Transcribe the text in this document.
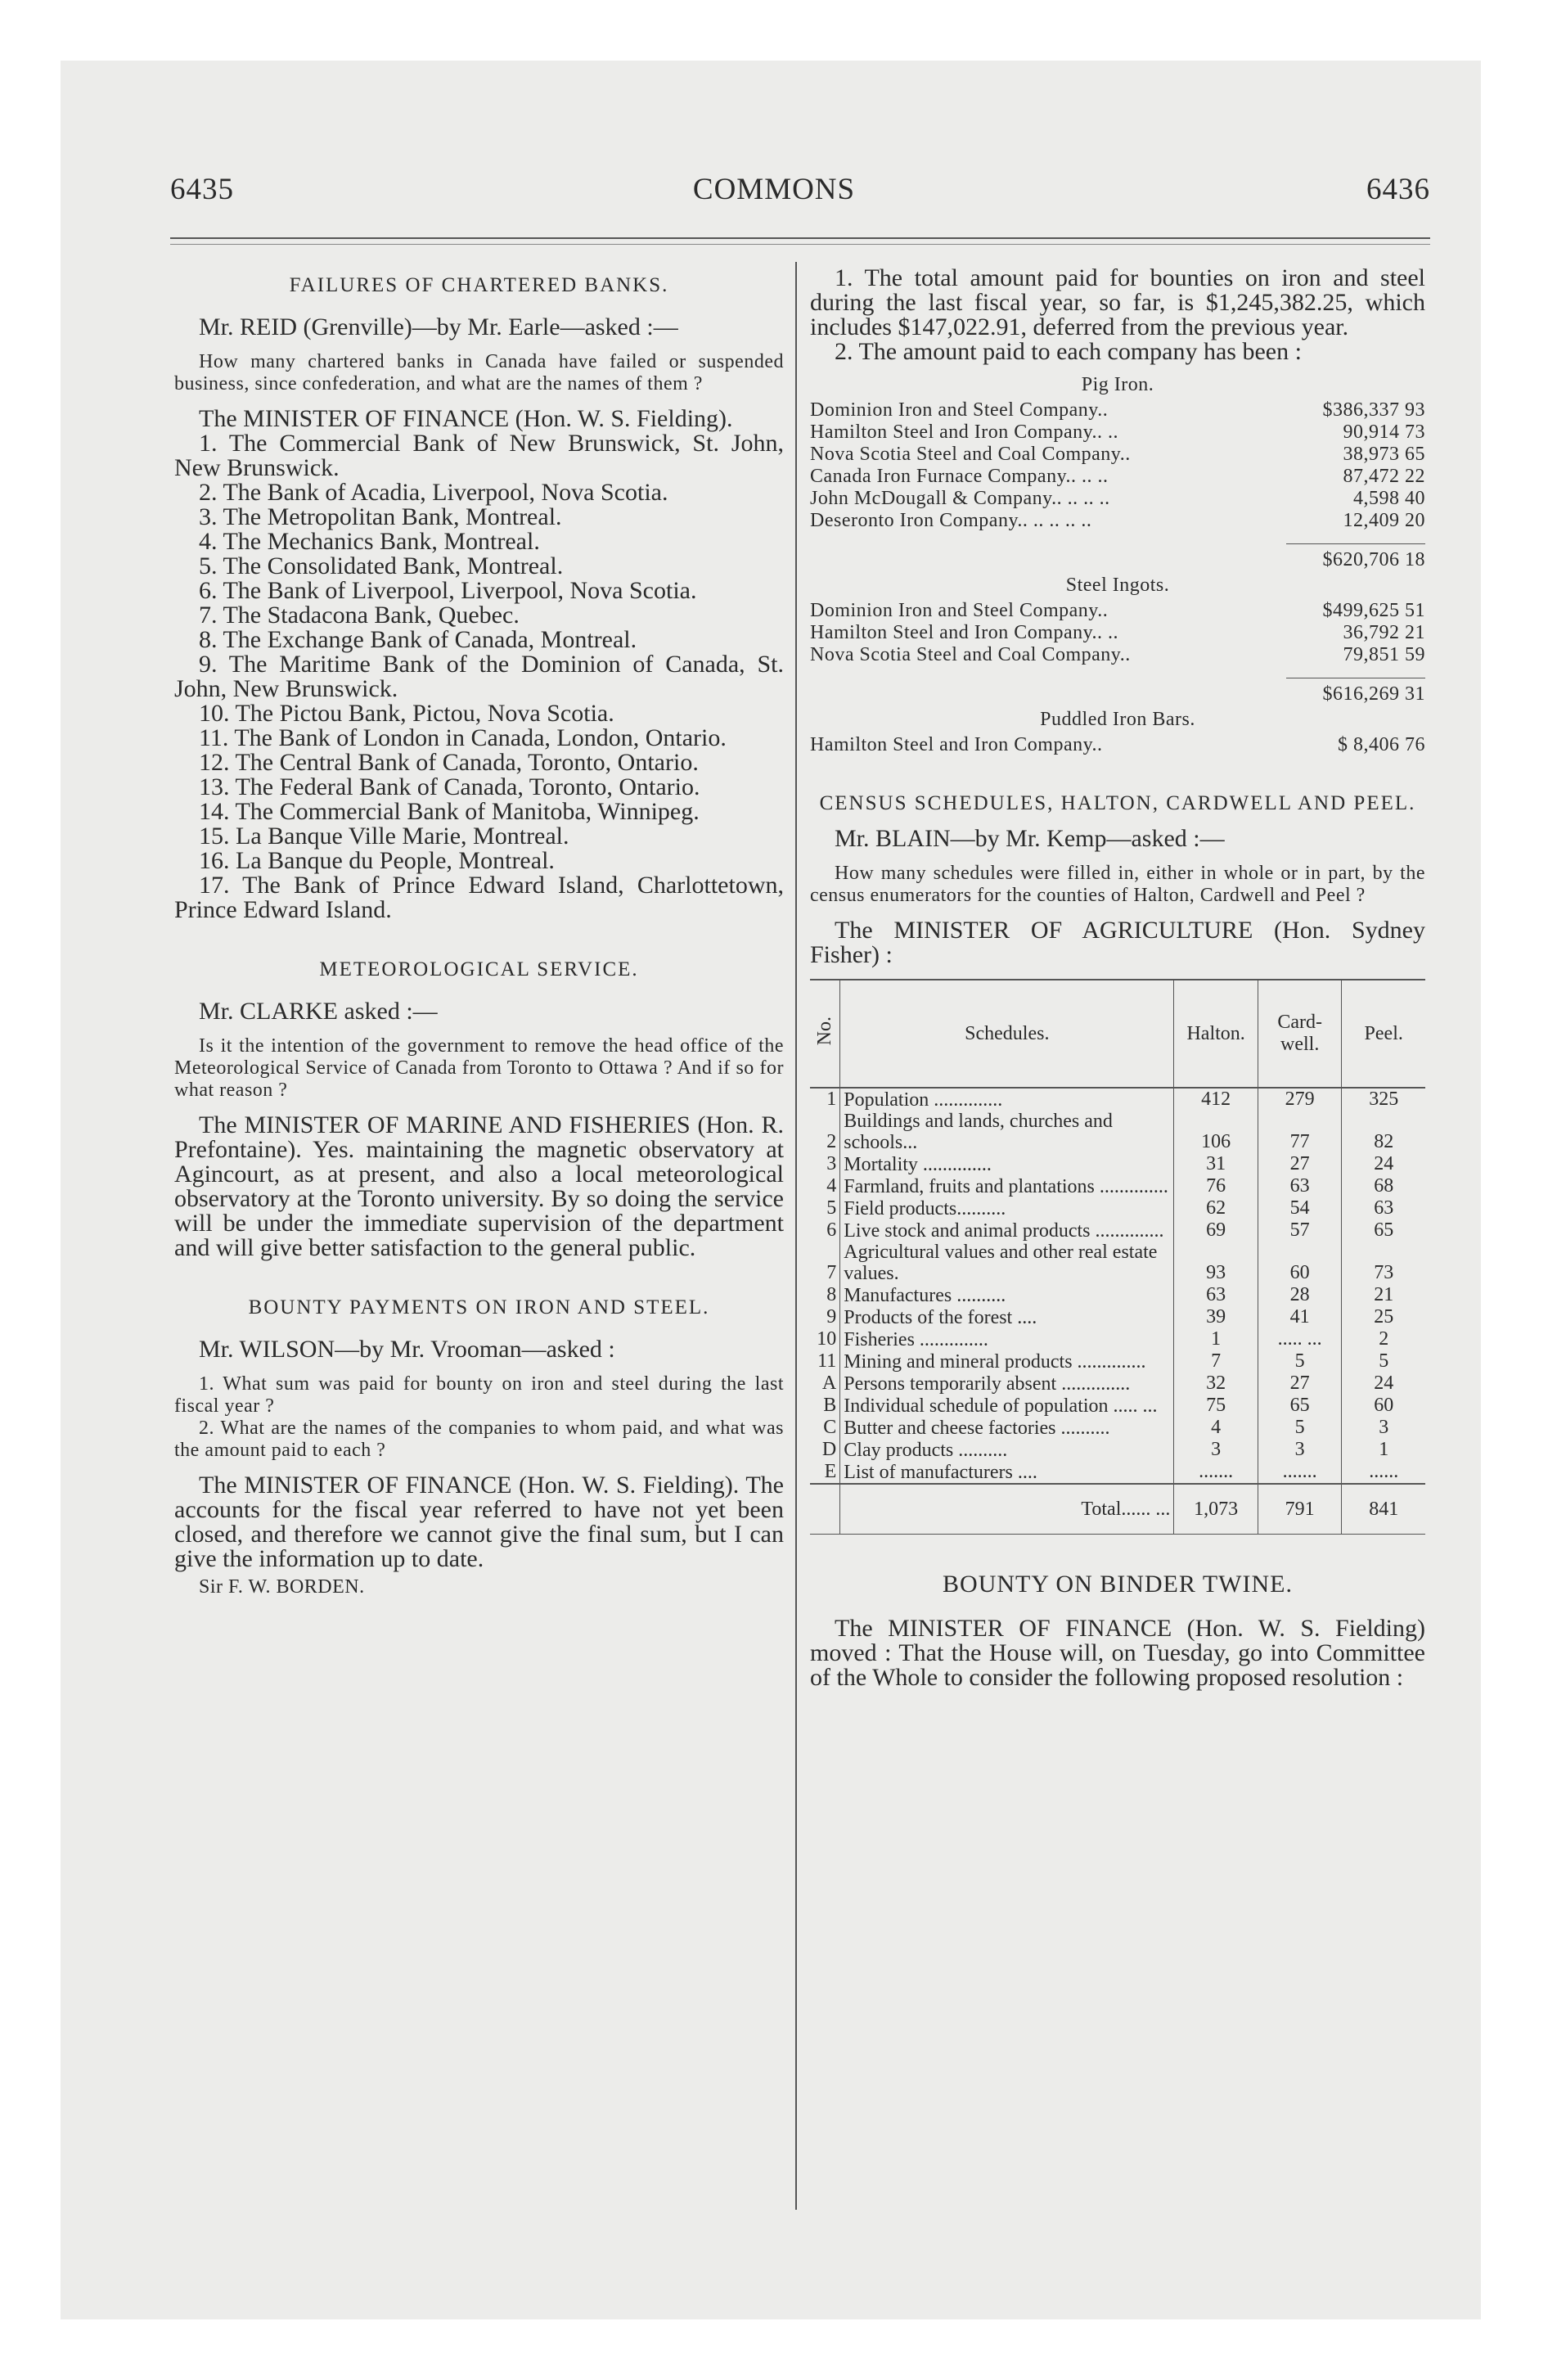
6435	COMMONS	6436
FAILURES OF CHARTERED BANKS.
Mr. REID (Grenville)—by Mr. Earle—asked :—
How many chartered banks in Canada have failed or suspended business, since confederation, and what are the names of them ?
The MINISTER OF FINANCE (Hon. W. S. Fielding).

1. The Commercial Bank of New Brunswick, St. John, New Brunswick.

2. The Bank of Acadia, Liverpool, Nova Scotia.

3. The Metropolitan Bank, Montreal.

4. The Mechanics Bank, Montreal.

5. The Consolidated Bank, Montreal.

6. The Bank of Liverpool, Liverpool, Nova Scotia.

7. The Stadacona Bank, Quebec.

8. The Exchange Bank of Canada, Montreal.

9. The Maritime Bank of the Dominion of Canada, St. John, New Brunswick.

10. The Pictou Bank, Pictou, Nova Scotia.

11. The Bank of London in Canada, London, Ontario.

12. The Central Bank of Canada, Toronto, Ontario.

13. The Federal Bank of Canada, Toronto, Ontario.

14. The Commercial Bank of Manitoba, Winnipeg.

15. La Banque Ville Marie, Montreal.

16. La Banque du People, Montreal.

17. The Bank of Prince Edward Island, Charlottetown, Prince Edward Island.

METEOROLOGICAL SERVICE.
Mr. CLARKE asked :—
Is it the intention of the government to remove the head office of the Meteorological Service of Canada from Toronto to Ottawa ? And if so for what reason ?
The MINISTER OF MARINE AND FISHERIES (Hon. R. Prefontaine). Yes. maintaining the magnetic observatory at Agincourt, as at present, and also a local meteorological observatory at the Toronto university. By so doing the service will be under the immediate supervision of the department and will give better satisfaction to the general public.
BOUNTY PAYMENTS ON IRON AND STEEL.
Mr. WILSON—by Mr. Vrooman—asked :
1. What sum was paid for bounty on iron and steel during the last fiscal year ?
2. What are the names of the companies to whom paid, and what was the amount paid to each ?
The MINISTER OF FINANCE (Hon. W. S. Fielding). The accounts for the fiscal year referred to have not yet been closed, and therefore we cannot give the final sum, but I can give the information up to date.
Sir F. W. BORDEN.
1. The total amount paid for bounties on iron and steel during the last fiscal year, so far, is $1,245,382.25, which includes $147,022.91, deferred from the previous year.
2. The amount paid to each company has been :
Pig Iron.
Dominion Iron and Steel Company..	$386,337 93
Hamilton Steel and Iron Company.. ..	90,914 73
Nova Scotia Steel and Coal Company..	38,973 65
Canada Iron Furnace Company.. .. ..	87,472 22
John McDougall & Company.. .. .. ..	4,598 40
Deseronto Iron Company.. .. .. .. ..	12,409 20
$620,706 18
Steel Ingots.
Dominion Iron and Steel Company..	$499,625 51
Hamilton Steel and Iron Company.. ..	36,792 21
Nova Scotia Steel and Coal Company..	79,851 59
$616,269 31
Puddled Iron Bars.
Hamilton Steel and Iron Company..	$ 8,406 76
CENSUS SCHEDULES, HALTON, CARDWELL AND PEEL.
Mr. BLAIN—by Mr. Kemp—asked :—
How many schedules were filled in, either in whole or in part, by the census enumerators for the counties of Halton, Cardwell and Peel ?
The MINISTER OF AGRICULTURE (Hon. Sydney Fisher) :
No.	Schedules.	Halton.	Card-well.	Peel.
1	Population ..............	412	279	325
2	Buildings and lands, churches and schools...	106	77	82
3	Mortality ..............	31	27	24
4	Farmland, fruits and plantations ..............	76	63	68
5	Field products..........	62	54	63
6	Live stock and animal products ..............	69	57	65
7	Agricultural values and other real estate values.	93	60	73
8	Manufactures ..........	63	28	21
9	Products of the forest ....	39	41	25
10	Fisheries ..............	1	..... ...	2
11	Mining and mineral products ..............	7	5	5
A	Persons temporarily absent ..............	32	27	24
B	Individual schedule of population ..... ...	75	65	60
C	Butter and cheese factories ..........	4	5	3
D	Clay products ..........	3	3	1
E	List of manufacturers ....	.......	.......	......
	Total...... ...	1,073	791	841
BOUNTY ON BINDER TWINE.
The MINISTER OF FINANCE (Hon. W. S. Fielding) moved : That the House will, on Tuesday, go into Committee of the Whole to consider the following proposed resolution :
